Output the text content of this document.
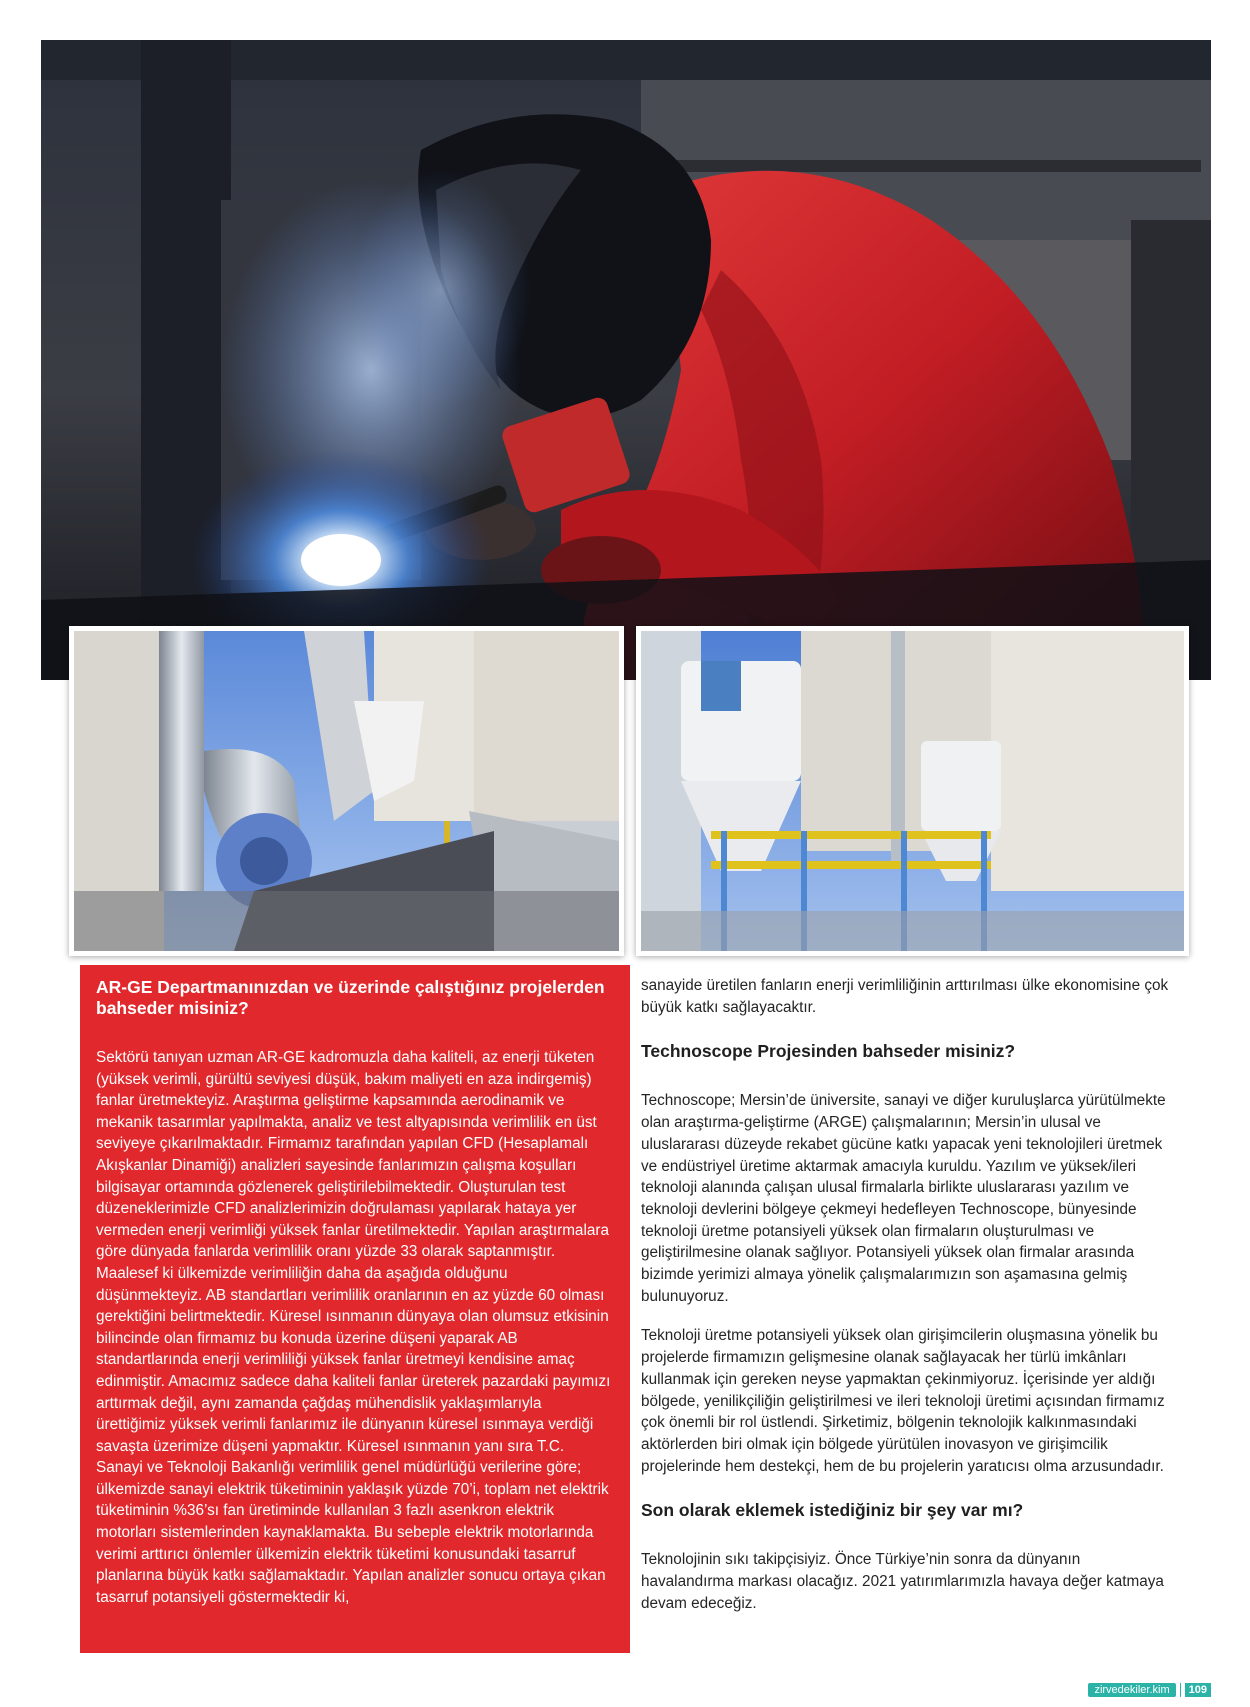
AR-GE Departmanınızdan ve üzerinde çalıştığınız projelerden bahseder misiniz?

Sektörü tanıyan uzman AR-GE kadromuzla daha kaliteli, az enerji tüketen (yüksek verimli, gürültü seviyesi düşük, bakım maliyeti en aza indirgemiş) fanlar üretmekteyiz. Araştırma geliştirme kapsamında aerodinamik ve mekanik tasarımlar yapılmakta, analiz ve test altyapısında verimlilik en üst seviyeye çıkarılmaktadır. Firmamız tarafından yapılan CFD (Hesaplamalı Akışkanlar Dinamiği) analizleri sayesinde fanlarımızın çalışma koşulları bilgisayar ortamında gözlenerek geliştirilebilmektedir. Oluşturulan test düzeneklerimizle CFD analizlerimizin doğrulaması yapılarak hataya yer vermeden enerji verimliği yüksek fanlar üretilmektedir. Yapılan araştırmalara göre dünyada fanlarda verimlilik oranı yüzde 33 olarak saptanmıştır. Maalesef ki ülkemizde verimliliğin daha da aşağıda olduğunu düşünmekteyiz. AB standartları verimlilik oranlarının en az yüzde 60 olması gerektiğini belirtmektedir. Küresel ısınmanın dünyaya olan olumsuz etkisinin bilincinde olan firmamız bu konuda üzerine düşeni yaparak AB standartlarında enerji verimliliği yüksek fanlar üretmeyi kendisine amaç edinmiştir. Amacımız sadece daha kaliteli fanlar üreterek pazardaki payımızı arttırmak değil, aynı zamanda çağdaş mühendislik yaklaşımlarıyla ürettiğimiz yüksek verimli fanlarımız ile dünyanın küresel ısınmaya verdiği savaşta üzerimize düşeni yapmaktır. Küresel ısınmanın yanı sıra T.C. Sanayi ve Teknoloji Bakanlığı verimlilik genel müdürlüğü verilerine göre; ülkemizde sanayi elektrik tüketiminin yaklaşık yüzde 70’i, toplam net elektrik tüketiminin %36’sı fan üretiminde kullanılan 3 fazlı asenkron elektrik motorları sistemlerinden kaynaklamakta. Bu sebeple elektrik motorlarında verimi arttırıcı önlemler ülkemizin elektrik tüketimi konusundaki tasarruf planlarına büyük katkı sağlamaktadır. Yapılan analizler sonucu ortaya çıkan tasarruf potansiyeli göstermektedir ki,

sanayide üretilen fanların enerji verimliliğinin arttırılması ülke ekonomisine çok büyük katkı sağlayacaktır.

Technoscope Projesinden bahseder misiniz?

Technoscope; Mersin’de üniversite, sanayi ve diğer kuruluşlarca yürütülmekte olan araştırma-geliştirme (ARGE) çalışmalarının; Mersin’in ulusal ve uluslararası düzeyde rekabet gücüne katkı yapacak yeni teknolojileri üretmek ve endüstriyel üretime aktarmak amacıyla kuruldu. Yazılım ve yüksek/ileri teknoloji alanında çalışan ulusal firmalarla birlikte uluslararası yazılım ve teknoloji devlerini bölgeye çekmeyi hedefleyen Technoscope, bünyesinde teknoloji üretme potansiyeli yüksek olan firmaların oluşturulması ve geliştirilmesine olanak sağlıyor. Potansiyeli yüksek olan firmalar arasında bizimde yerimizi almaya yönelik çalışmalarımızın son aşamasına gelmiş bulunuyoruz.

Teknoloji üretme potansiyeli yüksek olan girişimcilerin oluşmasına yönelik bu projelerde firmamızın gelişmesine olanak sağlayacak her türlü imkânları kullanmak için gereken neyse yapmaktan çekinmiyoruz. İçerisinde yer aldığı bölgede, yenilikçiliğin geliştirilmesi ve ileri teknoloji üretimi açısından firmamız çok önemli bir rol üstlendi. Şirketimiz, bölgenin teknolojik kalkınmasındaki aktörlerden biri olmak için bölgede yürütülen inovasyon ve girişimcilik projelerinde hem destekçi, hem de bu projelerin yaratıcısı olma arzusundadır.

Son olarak eklemek istediğiniz bir şey var mı?

Teknolojinin sıkı takipçisiyiz. Önce Türkiye’nin sonra da dünyanın havalandırma markası olacağız. 2021 yatırımlarımızla havaya değer katmaya devam edeceğiz.

zirvedekiler.kim	109
